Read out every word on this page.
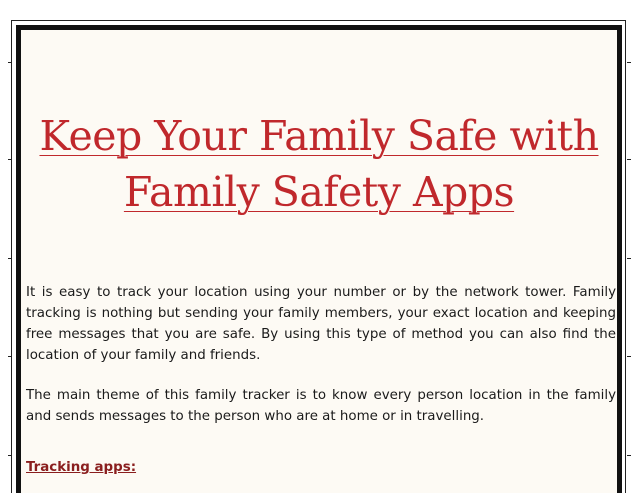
Keep Your Family Safe with Family Safety Apps

It is easy to track your location using your number or by the network tower. Family tracking is nothing but sending your family members, your exact location and keeping free messages that you are safe. By using this type of method you can also find the location of your family and friends.

The main theme of this family tracker is to know every person location in the family and sends messages to the person who are at home or in travelling.

Tracking apps:
